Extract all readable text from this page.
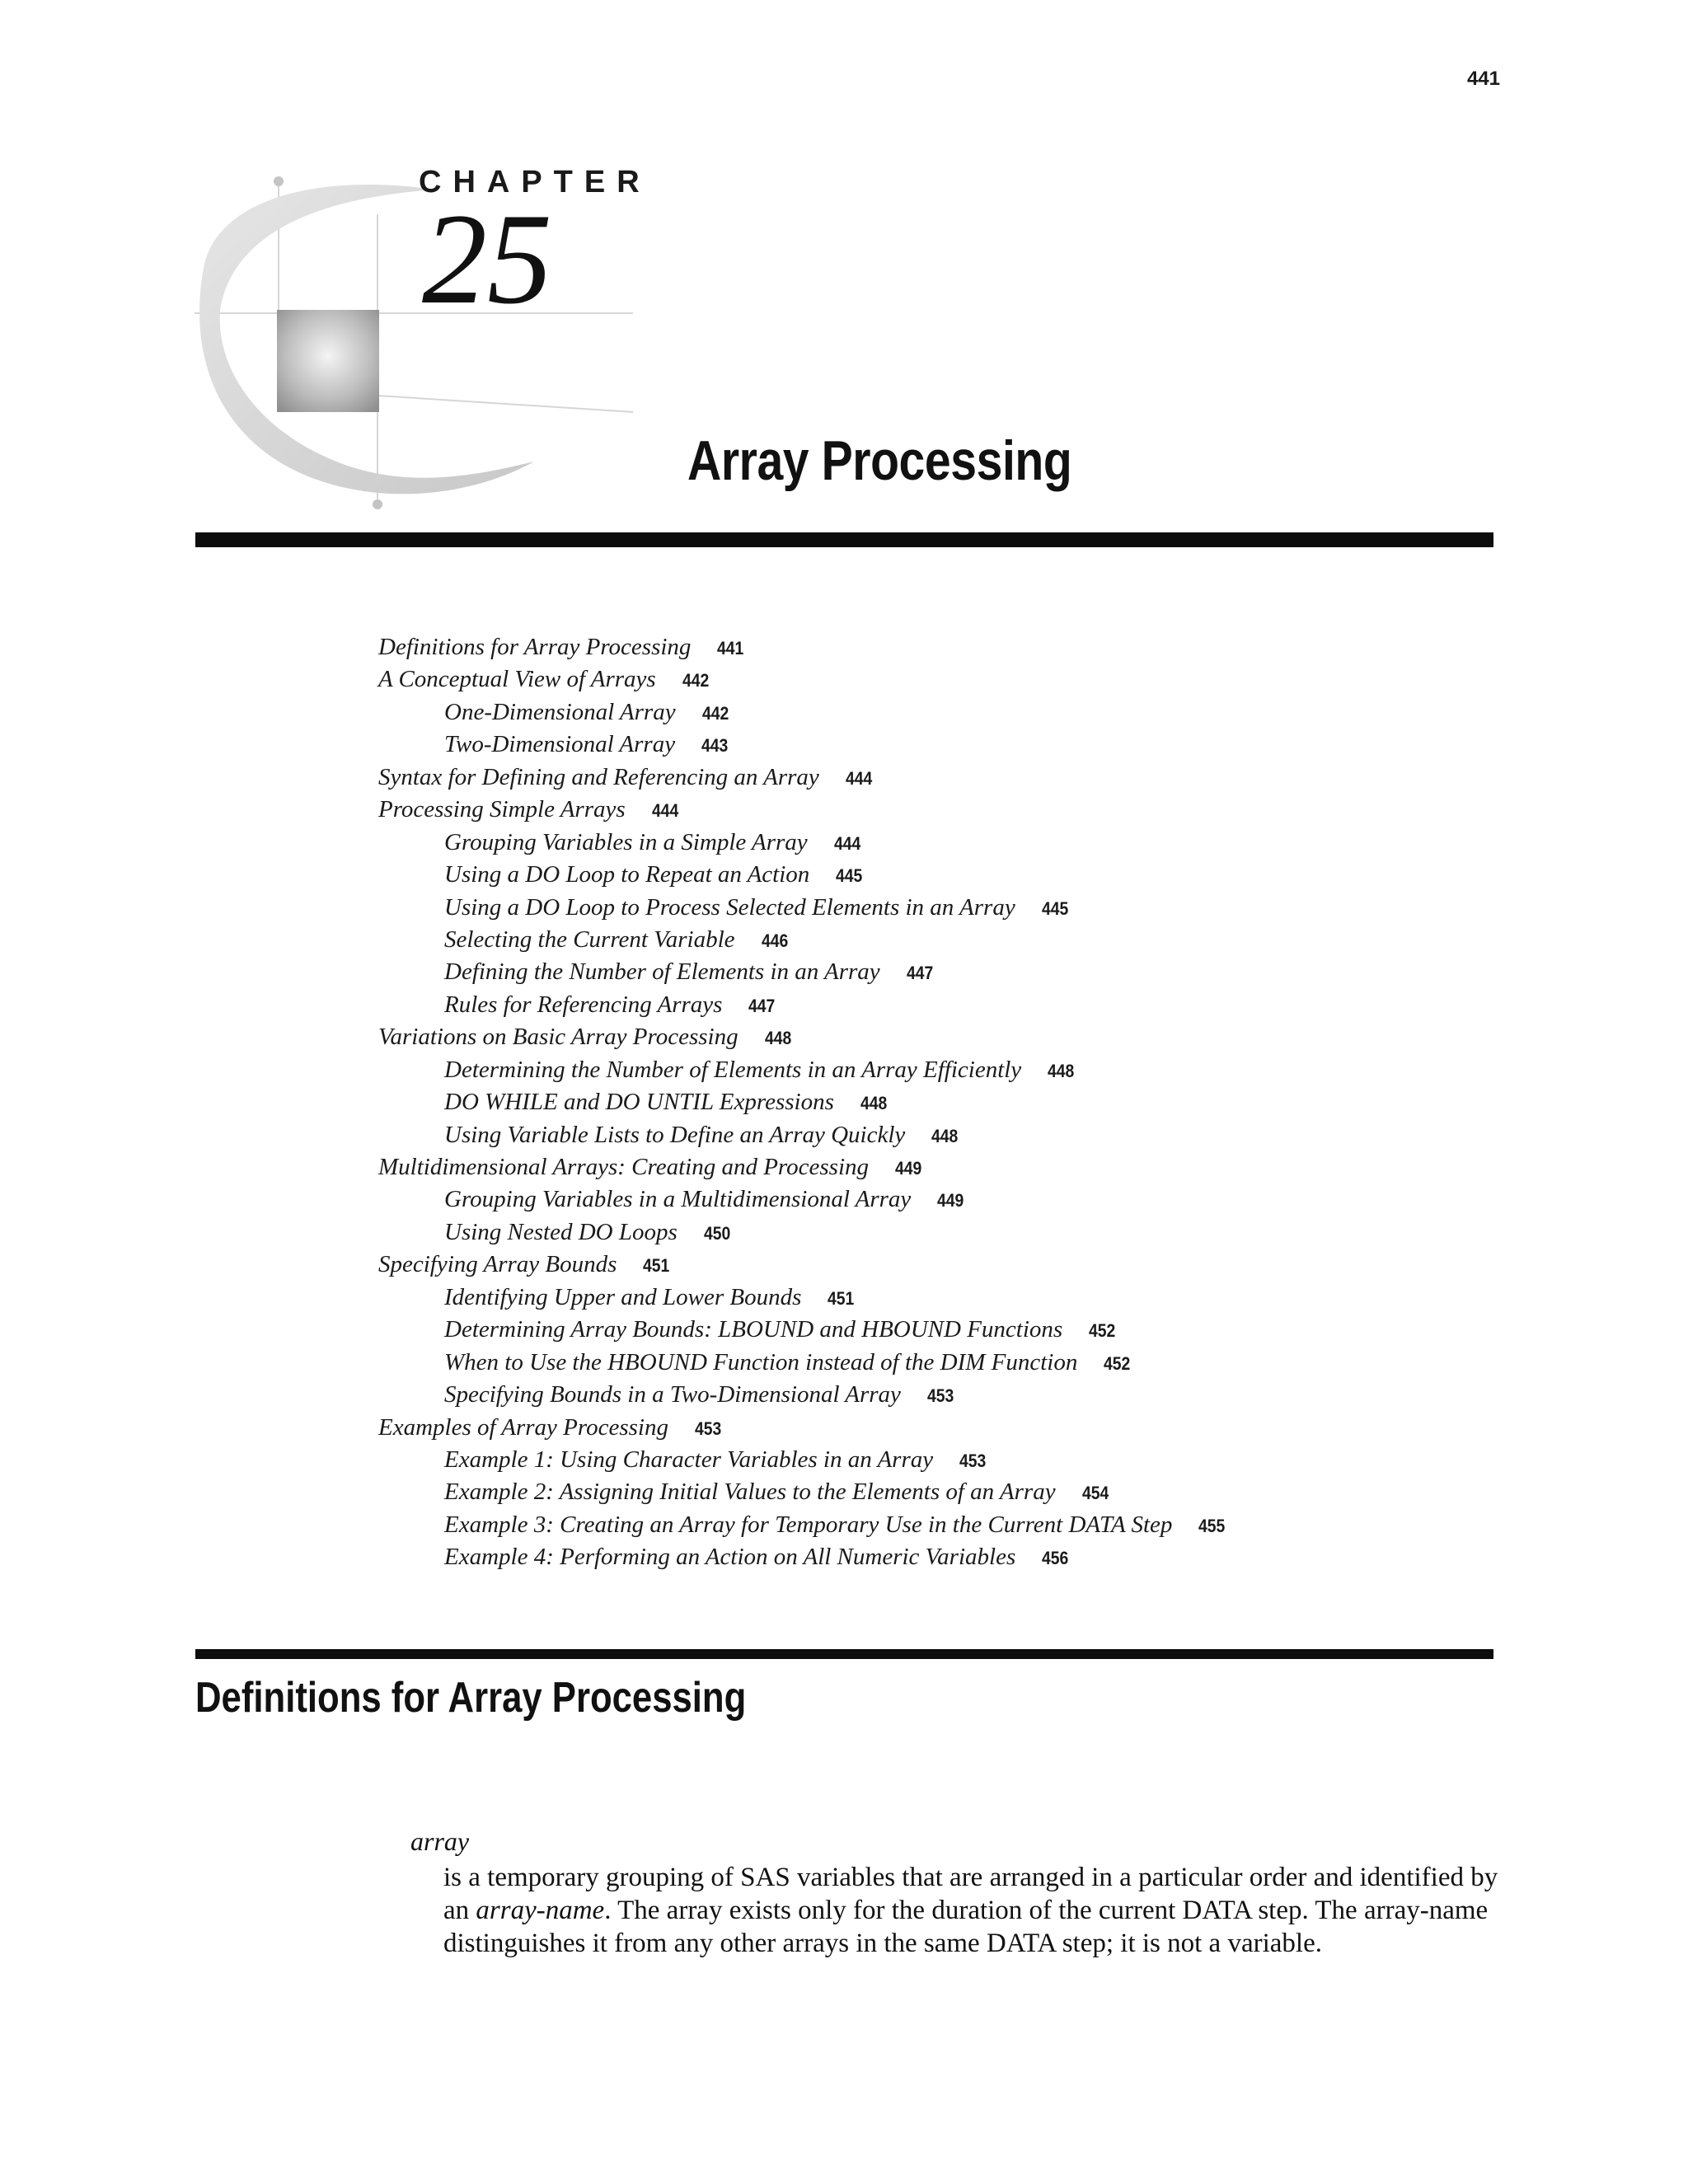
441
CHAPTER
25
Array Processing
Definitions for Array Processing 441
A Conceptual View of Arrays 442
One-Dimensional Array 442
Two-Dimensional Array 443
Syntax for Defining and Referencing an Array 444
Processing Simple Arrays 444
Grouping Variables in a Simple Array 444
Using a DO Loop to Repeat an Action 445
Using a DO Loop to Process Selected Elements in an Array 445
Selecting the Current Variable 446
Defining the Number of Elements in an Array 447
Rules for Referencing Arrays 447
Variations on Basic Array Processing 448
Determining the Number of Elements in an Array Efficiently 448
DO WHILE and DO UNTIL Expressions 448
Using Variable Lists to Define an Array Quickly 448
Multidimensional Arrays: Creating and Processing 449
Grouping Variables in a Multidimensional Array 449
Using Nested DO Loops 450
Specifying Array Bounds 451
Identifying Upper and Lower Bounds 451
Determining Array Bounds: LBOUND and HBOUND Functions 452
When to Use the HBOUND Function instead of the DIM Function 452
Specifying Bounds in a Two-Dimensional Array 453
Examples of Array Processing 453
Example 1: Using Character Variables in an Array 453
Example 2: Assigning Initial Values to the Elements of an Array 454
Example 3: Creating an Array for Temporary Use in the Current DATA Step 455
Example 4: Performing an Action on All Numeric Variables 456
Definitions for Array Processing
array
is a temporary grouping of SAS variables that are arranged in a particular order and identified by an array-name. The array exists only for the duration of the current DATA step. The array-name distinguishes it from any other arrays in the same DATA step; it is not a variable.
